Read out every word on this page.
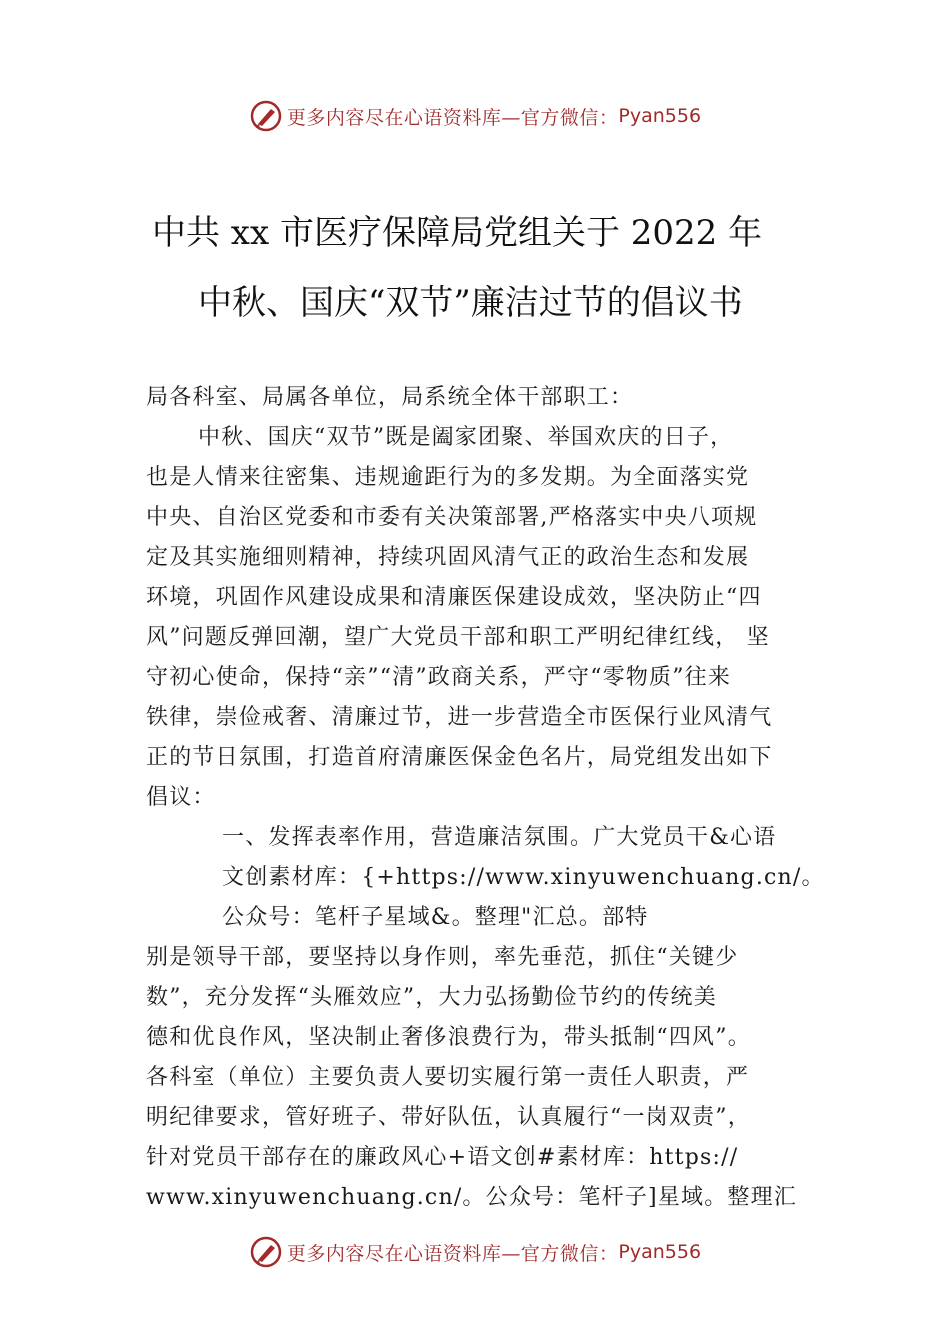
更多内容尽在心语资料库—官方微信： Pyan556
中共 xx 市医疗保障局党组关于 2022 年
中秋、国庆“双节”廉洁过节的倡议书
局各科室、局属各单位，局系统全体干部职工：
中秋、国庆“双节”既是阖家团聚、举国欢庆的日子，
也是人情来往密集、违规逾距行为的多发期。为全面落实党
中央、自治区党委和市委有关决策部署,严格落实中央八项规
定及其实施细则精神，持续巩固风清气正的政治生态和发展
环境，巩固作风建设成果和清廉医保建设成效，坚决防止“四
风”问题反弹回潮，望广大党员干部和职工严明纪律红线， 坚
守初心使命，保持“亲”“清”政商关系，严守“零物质”往来
铁律，崇俭戒奢、清廉过节，进一步营造全市医保行业风清气
正的节日氛围，打造首府清廉医保金色名片，局党组发出如下
倡议：
一、发挥表率作用，营造廉洁氛围。广大党员干&心语
文创素材库：{+https://www.xinyuwenchuang.cn/。
公众号：笔杆子星域&。整理"汇总。部特
别是领导干部，要坚持以身作则，率先垂范，抓住“关键少
数”，充分发挥“头雁效应”，大力弘扬勤俭节约的传统美
德和优良作风，坚决制止奢侈浪费行为，带头抵制“四风”。
各科室（单位）主要负责人要切实履行第一责任人职责，严
明纪律要求，管好班子、带好队伍，认真履行“一岗双责”，
针对党员干部存在的廉政风心+语文创#素材库：https://
www.xinyuwenchuang.cn/。公众号：笔杆子]星域。整理汇
更多内容尽在心语资料库—官方微信： Pyan556
